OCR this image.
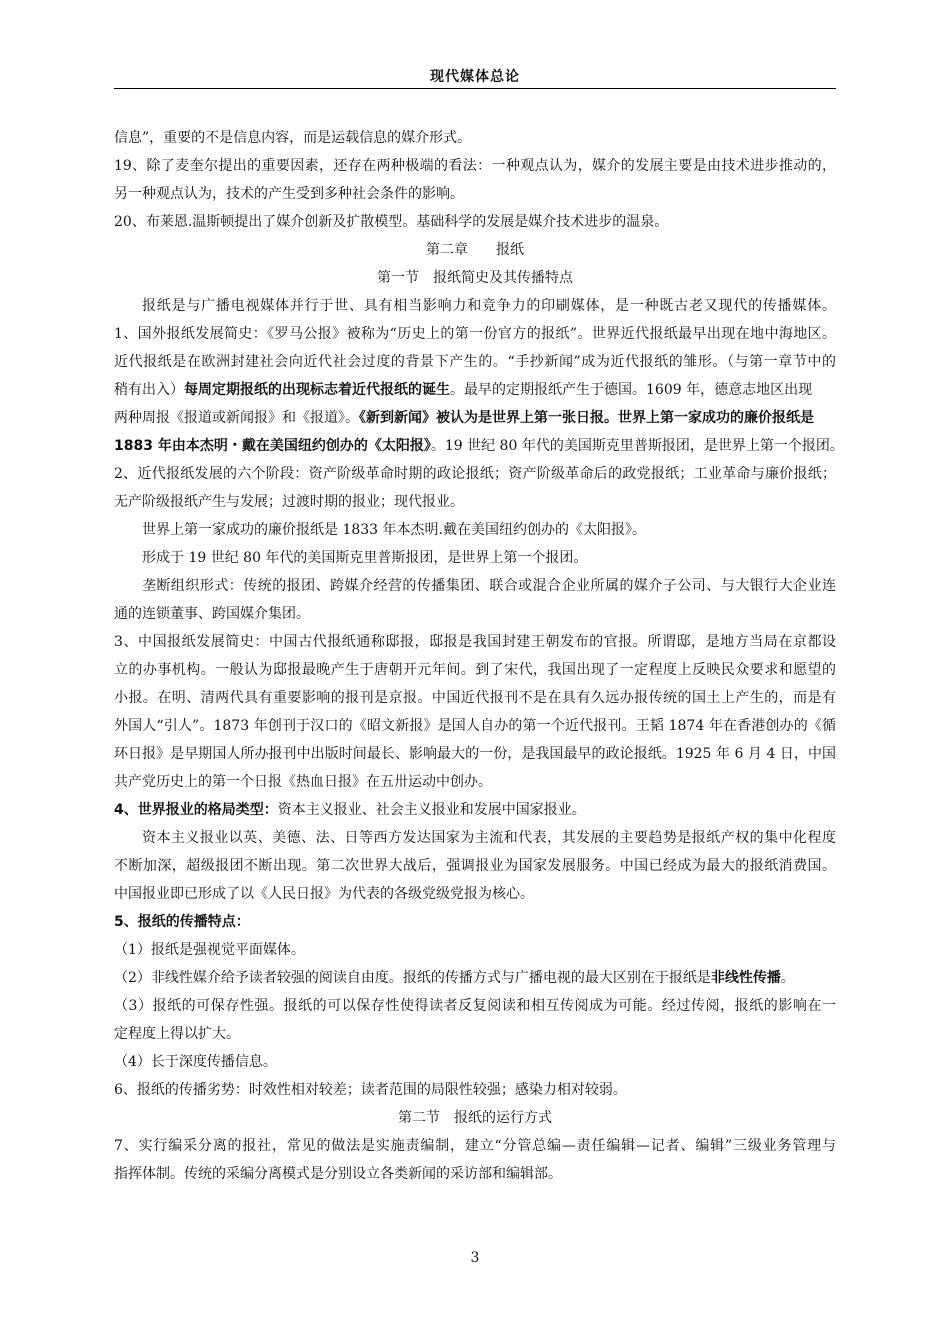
现代媒体总论
信息”，重要的不是信息内容，而是运载信息的媒介形式。
19、除了麦奎尔提出的重要因素，还存在两种极端的看法：一种观点认为，媒介的发展主要是由技术进步推动的，
另一种观点认为，技术的产生受到多种社会条件的影响。
20、布莱恩.温斯顿提出了媒介创新及扩散模型。基础科学的发展是媒介技术进步的温泉。
第二章　　报纸
第一节　报纸简史及其传播特点
报纸是与广播电视媒体并行于世、具有相当影响力和竞争力的印刷媒体，是一种既古老又现代的传播媒体。
1、国外报纸发展简史：《罗马公报》被称为“历史上的第一份官方的报纸”。世界近代报纸最早出现在地中海地区。
近代报纸是在欧洲封建社会向近代社会过度的背景下产生的。“手抄新闻”成为近代报纸的雏形。（与第一章节中的
稍有出入）每周定期报纸的出现标志着近代报纸的诞生。最早的定期报纸产生于德国。1609 年，德意志地区出现
两种周报《报道或新闻报》和《报道》。《新到新闻》被认为是世界上第一张日报。世界上第一家成功的廉价报纸是
1883 年由本杰明・戴在美国纽约创办的《太阳报》。19 世纪 80 年代的美国斯克里普斯报团，是世界上第一个报团。
2、近代报纸发展的六个阶段：资产阶级革命时期的政论报纸；资产阶级革命后的政党报纸；工业革命与廉价报纸；
无产阶级报纸产生与发展；过渡时期的报业；现代报业。
世界上第一家成功的廉价报纸是 1833 年本杰明.戴在美国纽约创办的《太阳报》。
形成于 19 世纪 80 年代的美国斯克里普斯报团，是世界上第一个报团。
垄断组织形式：传统的报团、跨媒介经营的传播集团、联合或混合企业所属的媒介子公司、与大银行大企业连
通的连锁董事、跨国媒介集团。
3、中国报纸发展简史：中国古代报纸通称邸报，邸报是我国封建王朝发布的官报。所谓邸，是地方当局在京都设
立的办事机构。一般认为邸报最晚产生于唐朝开元年间。到了宋代，我国出现了一定程度上反映民众要求和愿望的
小报。在明、清两代具有重要影响的报刊是京报。中国近代报刊不是在具有久远办报传统的国土上产生的，而是有
外国人“引人”。1873 年创刊于汉口的《昭文新报》是国人自办的第一个近代报刊。王韬 1874 年在香港创办的《循
环日报》是早期国人所办报刊中出版时间最长、影响最大的一份，是我国最早的政论报纸。1925 年 6 月 4 日，中国
共产党历史上的第一个日报《热血日报》在五卅运动中创办。
4、世界报业的格局类型：资本主义报业、社会主义报业和发展中国家报业。
资本主义报业以英、美德、法、日等西方发达国家为主流和代表，其发展的主要趋势是报纸产权的集中化程度
不断加深，超级报团不断出现。第二次世界大战后，强调报业为国家发展服务。中国已经成为最大的报纸消费国。
中国报业即已形成了以《人民日报》为代表的各级党级党报为核心。
5、报纸的传播特点：
（1）报纸是强视觉平面媒体。
（2）非线性媒介给予读者较强的阅读自由度。报纸的传播方式与广播电视的最大区别在于报纸是非线性传播。
（3）报纸的可保存性强。报纸的可以保存性使得读者反复阅读和相互传阅成为可能。经过传阅，报纸的影响在一
定程度上得以扩大。
（4）长于深度传播信息。
6、报纸的传播劣势：时效性相对较差；读者范围的局限性较强；感染力相对较弱。
第二节　报纸的运行方式
7、实行编采分离的报社，常见的做法是实施责编制，建立“分管总编—责任编辑—记者、编辑”三级业务管理与
指挥体制。传统的采编分离模式是分别设立各类新闻的采访部和编辑部。
3
